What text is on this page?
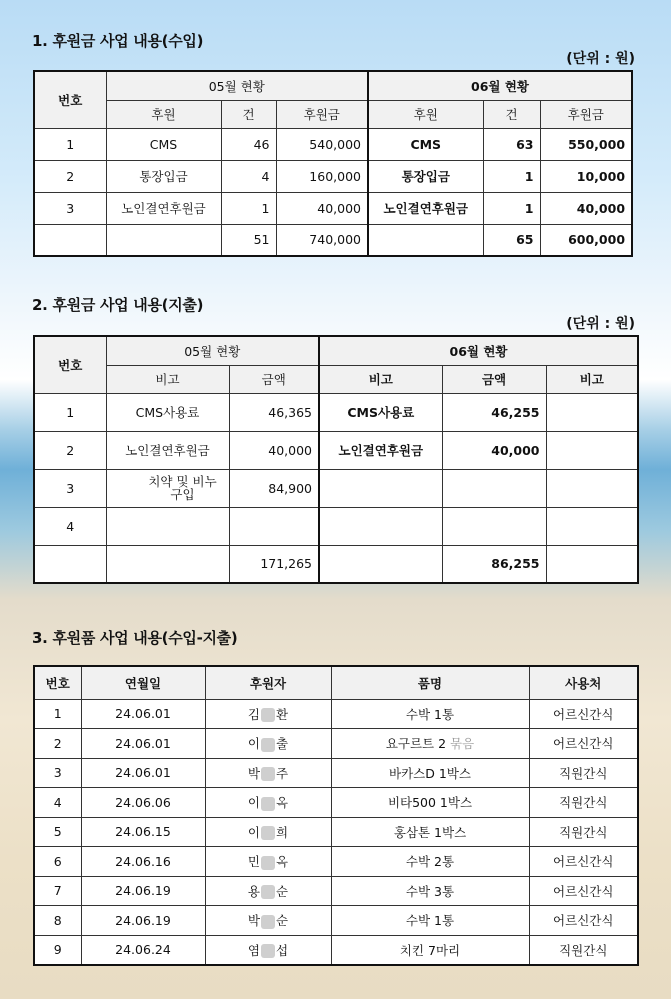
1. 후원금 사업 내용(수입)
(단위 : 원)
번호	05월 현황			06월 현황		
	후원	건	후원금	후원	건	후원금
1	CMS	46	540,000	CMS	63	550,000
2	통장입금	4	160,000	통장입금	1	10,000
3	노인결연후원금	1	40,000	노인결연후원금	1	40,000
		51	740,000		65	600,000
2. 후원금 사업 내용(지출)
(단위 : 원)
번호	05월 현황		06월 현황		
	비고	금액	비고	금액	비고
1	CMS사용료	46,365	CMS사용료	46,255	
2	노인결연후원금	40,000	노인결연후원금	40,000	
3	치약 및 비누구입	84,900			
4					
		171,265		86,255	
3. 후원품 사업 내용(수입-지출)
번호	연월일	후원자	품명	사용처
1	24.06.01	김 환	수박 1통	어르신간식
2	24.06.01	이 출	요구르트 2 묶음	어르신간식
3	24.06.01	박 주	바카스D 1박스	직원간식
4	24.06.06	이 옥	비타500 1박스	직원간식
5	24.06.15	이 희	홍삼톤 1박스	직원간식
6	24.06.16	민 옥	수박 2통	어르신간식
7	24.06.19	용 순	수박 3통	어르신간식
8	24.06.19	박 순	수박 1통	어르신간식
9	24.06.24	염 섭	치킨 7마리	직원간식
